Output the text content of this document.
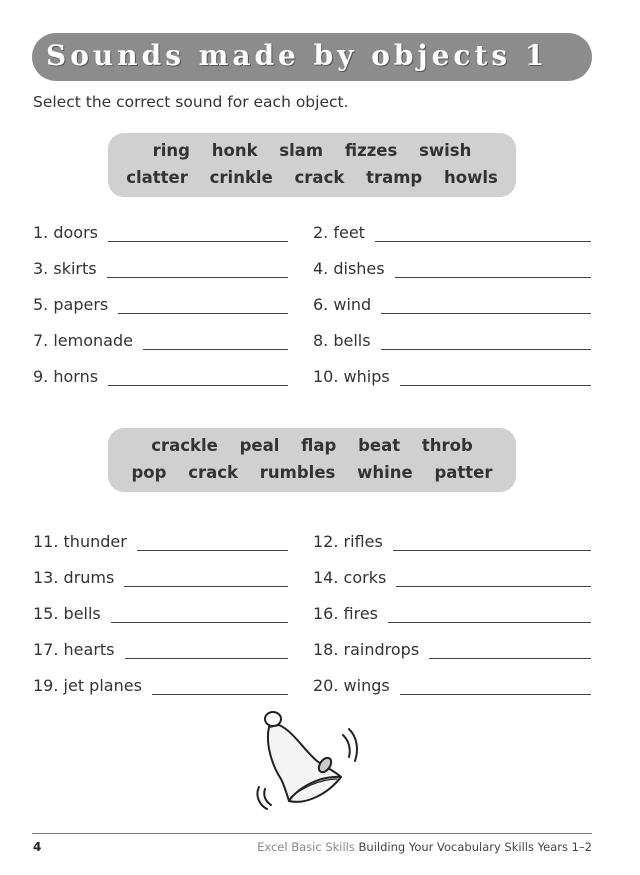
Sounds made by objects 1
Select the correct sound for each object.
ring honk slam fizzes swish
clatter crinkle crack tramp howls
1. doors	2. feet
3. skirts	4. dishes
5. papers	6. wind
7. lemonade	8. bells
9. horns	10. whips
crackle peal flap beat throb
pop crack rumbles whine patter
11. thunder	12. rifles
13. drums	14. corks
15. bells	16. fires
17. hearts	18. raindrops
19. jet planes	20. wings
4	Excel Basic Skills Building Your Vocabulary Skills Years 1–2
